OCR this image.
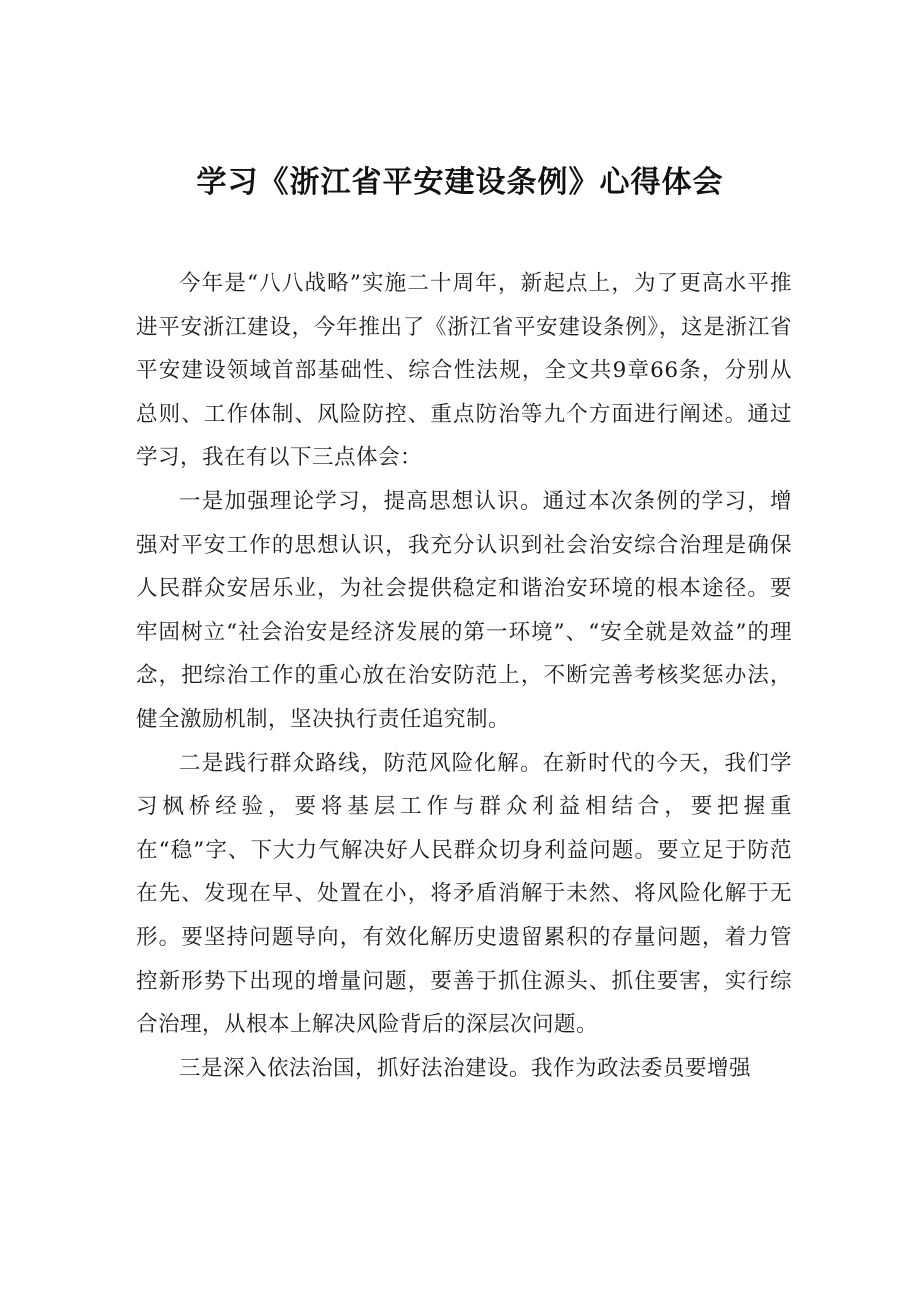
学习《浙江省平安建设条例》心得体会

今年是“八八战略”实施二十周年，新起点上，为了更高水平推进平安浙江建设，今年推出了《浙江省平安建设条例》，这是浙江省平安建设领域首部基础性、综合性法规，全文共9章66条，分别从总则、工作体制、风险防控、重点防治等九个方面进行阐述。通过学习，我在有以下三点体会：

一是加强理论学习，提高思想认识。通过本次条例的学习，增强对平安工作的思想认识，我充分认识到社会治安综合治理是确保人民群众安居乐业，为社会提供稳定和谐治安环境的根本途径。要牢固树立“社会治安是经济发展的第一环境”、“安全就是效益”的理念，把综治工作的重心放在治安防范上，不断完善考核奖惩办法，健全激励机制，坚决执行责任追究制。

二是践行群众路线，防范风险化解。在新时代的今天，我们学习枫桥经验，要将基层工作与群众利益相结合，要把握重在“稳”字、下大力气解决好人民群众切身利益问题。要立足于防范在先、发现在早、处置在小，将矛盾消解于未然、将风险化解于无形。要坚持问题导向，有效化解历史遗留累积的存量问题，着力管控新形势下出现的增量问题，要善于抓住源头、抓住要害，实行综合治理，从根本上解决风险背后的深层次问题。

三是深入依法治国，抓好法治建设。我作为政法委员要增强
